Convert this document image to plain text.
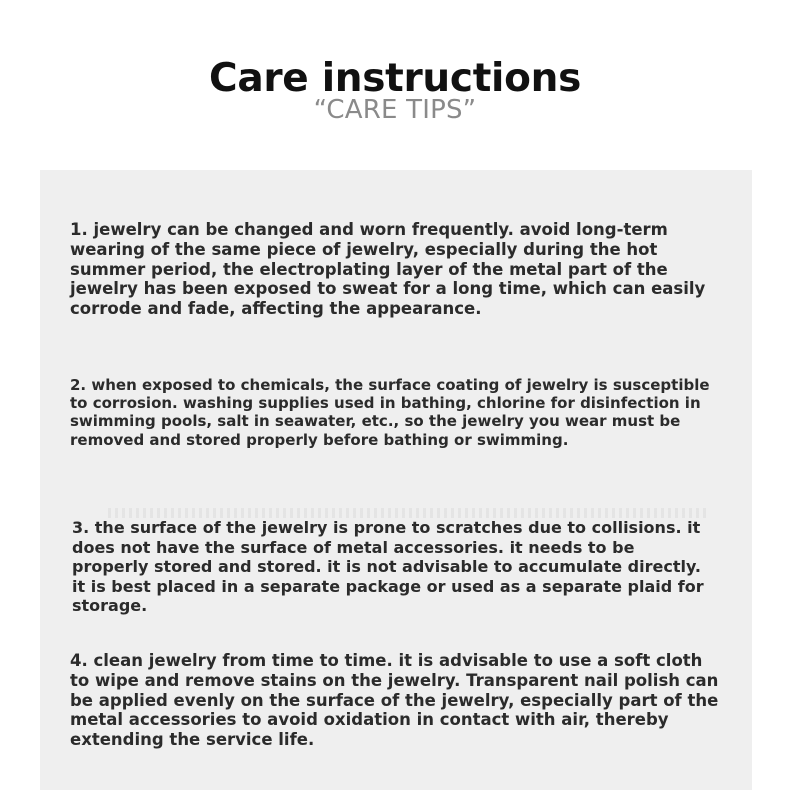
Care instructions
“CARE TIPS”

1. jewelry can be changed and worn frequently. avoid long-term wearing of the same piece of jewelry, especially during the hot summer period, the electroplating layer of the metal part of the jewelry has been exposed to sweat for a long time, which can easily corrode and fade, affecting the appearance.

2. when exposed to chemicals, the surface coating of jewelry is susceptible to corrosion. washing supplies used in bathing, chlorine for disinfection in swimming pools, salt in seawater, etc., so the jewelry you wear must be removed and stored properly before bathing or swimming.

3. the surface of the jewelry is prone to scratches due to collisions. it does not have the surface of metal accessories. it needs to be properly stored and stored. it is not advisable to accumulate directly. it is best placed in a separate package or used as a separate plaid for storage.

4. clean jewelry from time to time. it is advisable to use a soft cloth to wipe and remove stains on the jewelry. Transparent nail polish can be applied evenly on the surface of the jewelry, especially part of the metal accessories to avoid oxidation in contact with air, thereby extending the service life.
